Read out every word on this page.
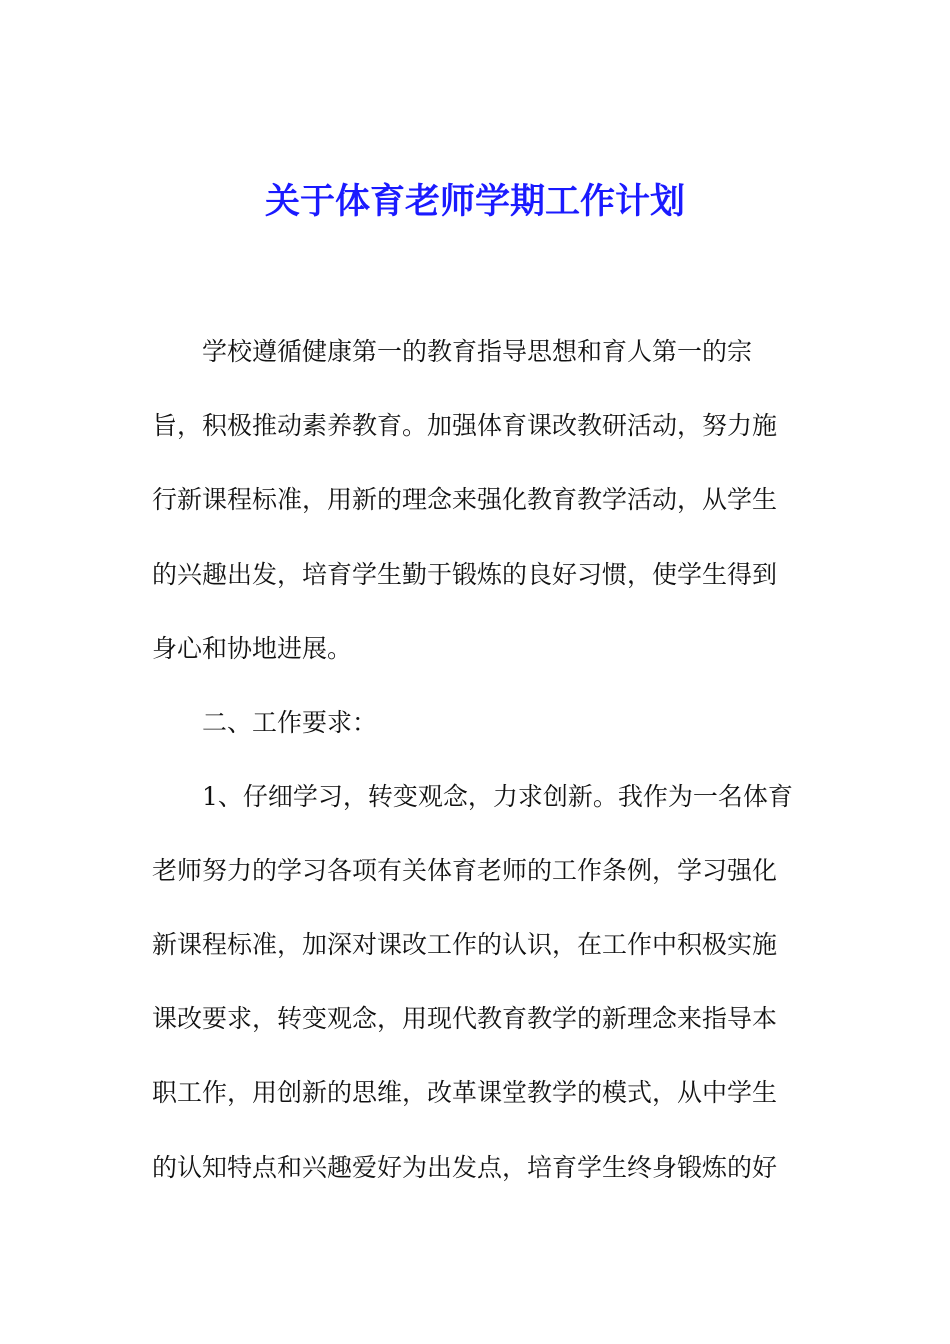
关于体育老师学期工作计划

学校遵循健康第一的教育指导思想和育人第一的宗

旨，积极推动素养教育。加强体育课改教研活动，努力施

行新课程标准，用新的理念来强化教育教学活动，从学生

的兴趣出发，培育学生勤于锻炼的良好习惯，使学生得到

身心和协地进展。

二、工作要求：

1、仔细学习，转变观念，力求创新。我作为一名体育

老师努力的学习各项有关体育老师的工作条例，学习强化

新课程标准，加深对课改工作的认识，在工作中积极实施

课改要求，转变观念，用现代教育教学的新理念来指导本

职工作，用创新的思维，改革课堂教学的模式，从中学生

的认知特点和兴趣爱好为出发点，培育学生终身锻炼的好
